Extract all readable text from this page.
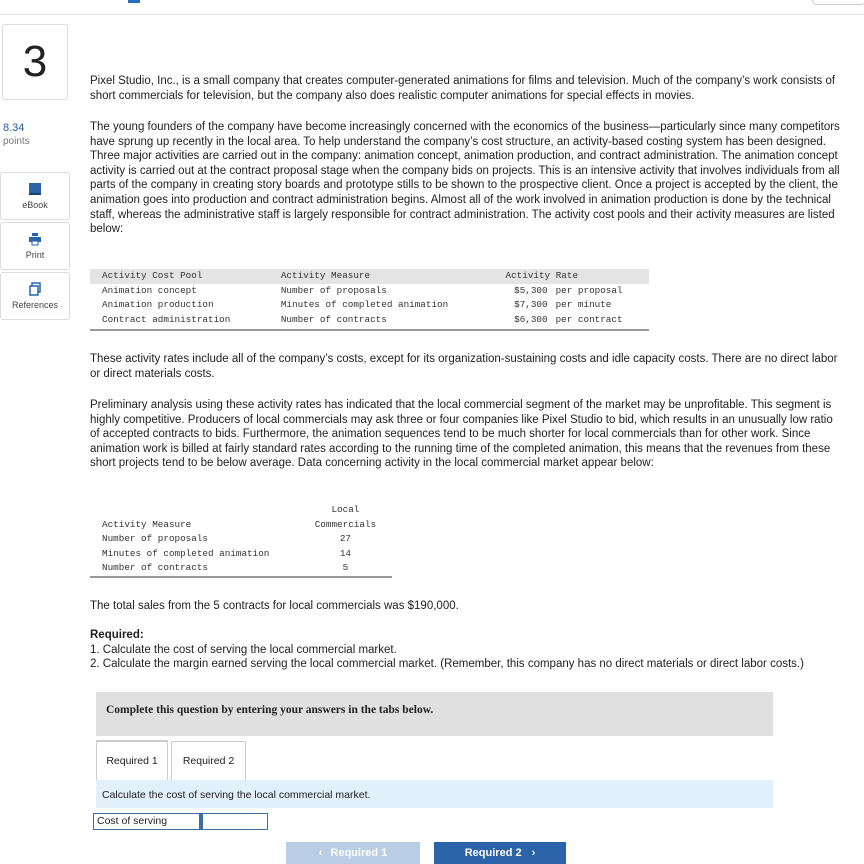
3
8.34
points
eBook
Print
References
Pixel Studio, Inc., is a small company that creates computer-generated animations for films and television. Much of the company’s work consists of short commercials for television, but the company also does realistic computer animations for special effects in movies.
The young founders of the company have become increasingly concerned with the economics of the business—particularly since many competitors have sprung up recently in the local area. To help understand the company’s cost structure, an activity-based costing system has been designed. Three major activities are carried out in the company: animation concept, animation production, and contract administration. The animation concept activity is carried out at the contract proposal stage when the company bids on projects. This is an intensive activity that involves individuals from all parts of the company in creating story boards and prototype stills to be shown to the prospective client. Once a project is accepted by the client, the animation goes into production and contract administration begins. Almost all of the work involved in animation production is done by the technical staff, whereas the administrative staff is largely responsible for contract administration. The activity cost pools and their activity measures are listed below:
Activity Cost Pool	Activity Measure	Activity Rate	
Animation concept	Number of proposals	$5,300	per proposal
Animation production	Minutes of completed animation	$7,300	per minute
Contract administration	Number of contracts	$6,300	per contract
These activity rates include all of the company’s costs, except for its organization-sustaining costs and idle capacity costs. There are no direct labor or direct materials costs.
Preliminary analysis using these activity rates has indicated that the local commercial segment of the market may be unprofitable. This segment is highly competitive. Producers of local commercials may ask three or four companies like Pixel Studio to bid, which results in an unusually low ratio of accepted contracts to bids. Furthermore, the animation sequences tend to be much shorter for local commercials than for other work. Since animation work is billed at fairly standard rates according to the running time of the completed animation, this means that the revenues from these short projects tend to be below average. Data concerning activity in the local commercial market appear below:
	Local
Activity Measure	Commercials
Number of proposals	27
Minutes of completed animation	14
Number of contracts	5
The total sales from the 5 contracts for local commercials was $190,000.
Required:
1. Calculate the cost of serving the local commercial market.
2. Calculate the margin earned serving the local commercial market. (Remember, this company has no direct materials or direct labor costs.)
Complete this question by entering your answers in the tabs below.
Required 1	Required 2
Calculate the cost of serving the local commercial market.
Cost of serving
‹ Required 1	Required 2 ›
